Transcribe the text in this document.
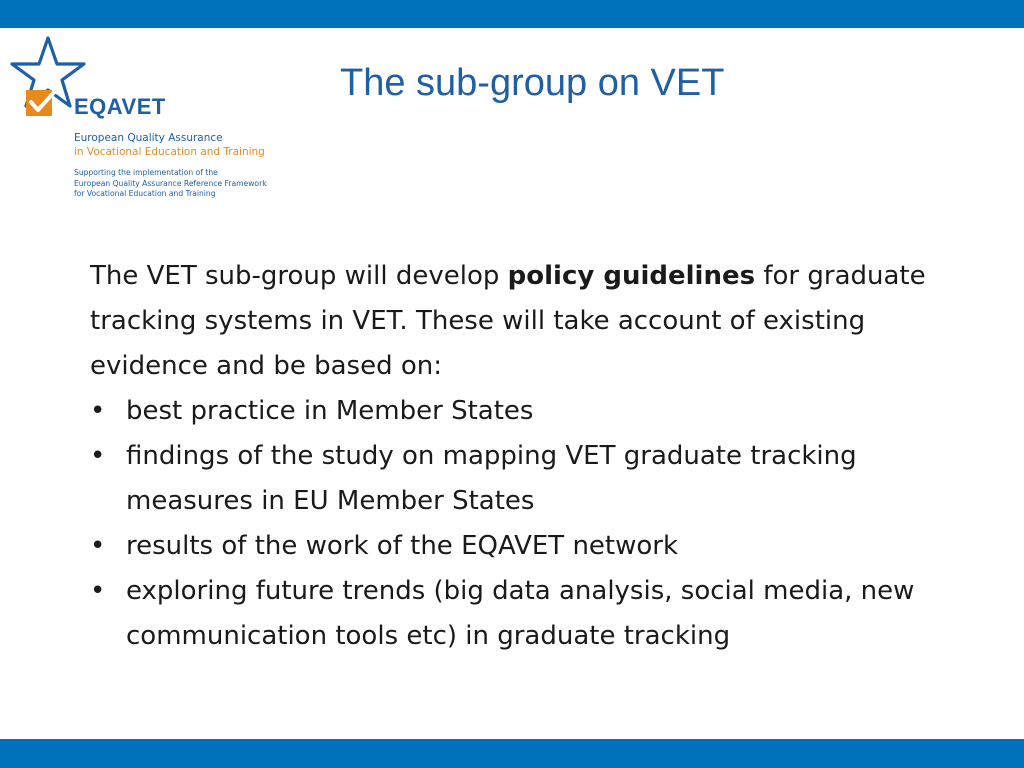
EQAVET
European Quality Assurance
in Vocational Education and Training
Supporting the implementation of the
European Quality Assurance Reference Framework
for Vocational Education and Training
The sub-group on VET

The VET sub-group will develop policy guidelines for graduate tracking systems in VET. These will take account of existing evidence and be based on:

• best practice in Member States
• findings of the study on mapping VET graduate tracking measures in EU Member States
• results of the work of the EQAVET network
• exploring future trends (big data analysis, social media, new communication tools etc) in graduate tracking
